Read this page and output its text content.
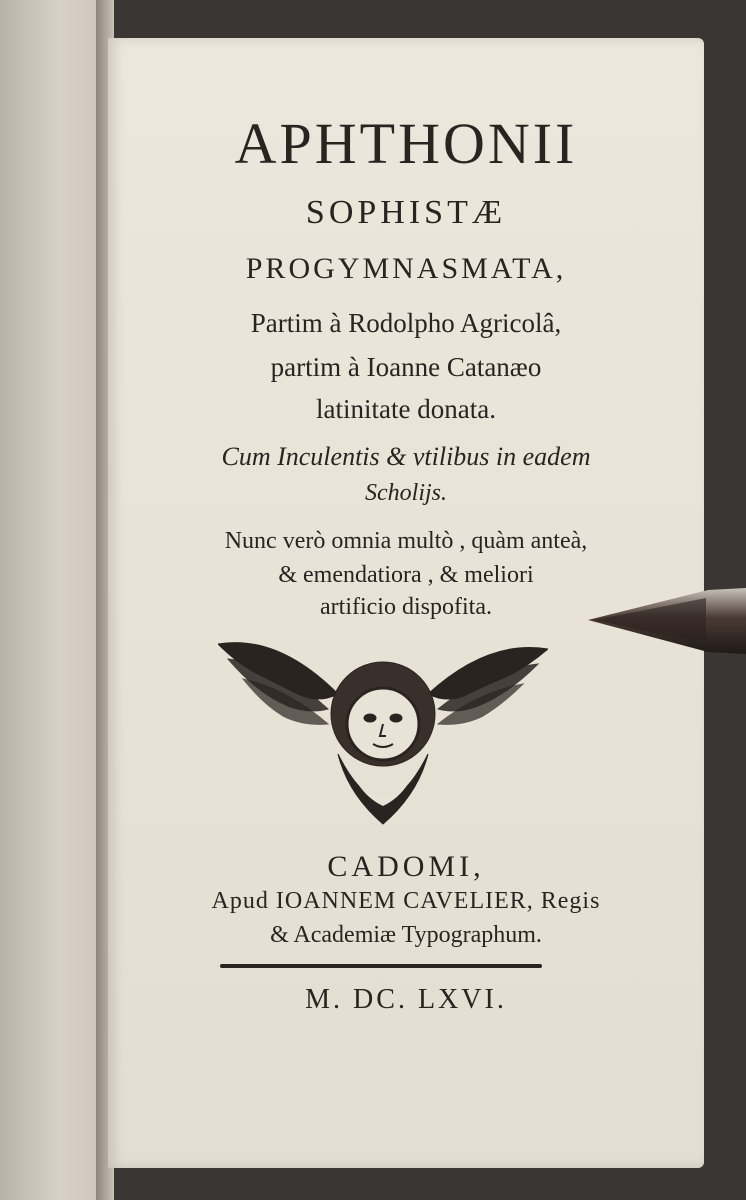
APHTHONII
SOPHISTÆ
PROGYMNASMATA,
Partim à Rodolpho Agricolâ,
partim à Ioanne Catanæo
latinitate donata.
Cum Inculentis & vtilibus in eadem
Scholijs.
Nunc verò omnia multò , quàm anteà,
& emendatiora , & meliori
artificio dispofita.
CADOMI,
Apud IOANNEM CAVELIER, Regis
& Academiæ Typographum.
M. DC. LXVI.
